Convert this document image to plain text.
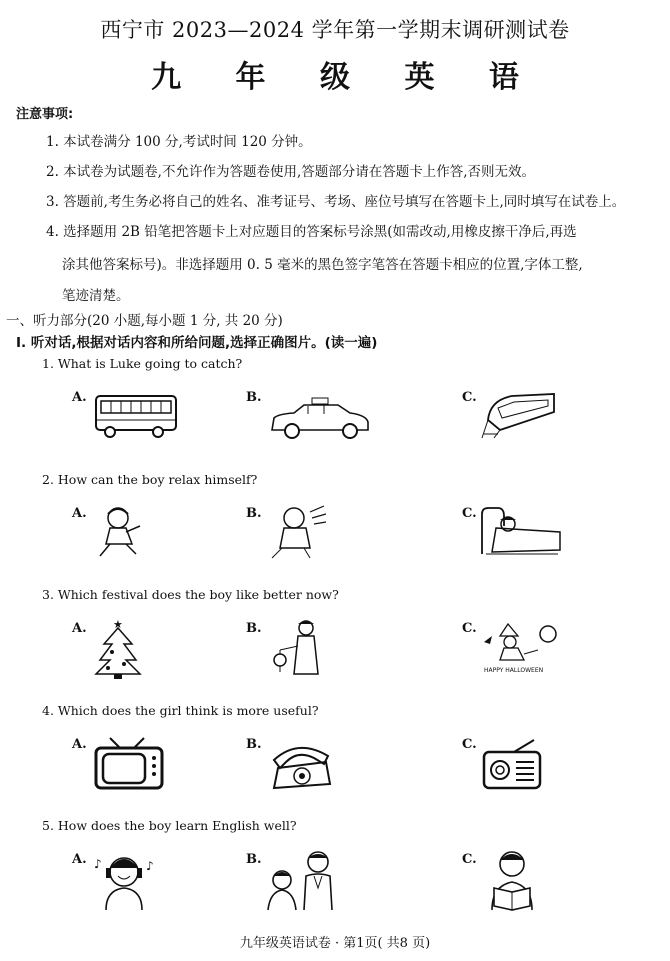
西宁市 2023—2024 学年第一学期末调研测试卷
九 年 级 英 语
注意事项:
1. 本试卷满分 100 分,考试时间 120 分钟。
2. 本试卷为试题卷,不允许作为答题卷使用,答题部分请在答题卡上作答,否则无效。
3. 答题前,考生务必将自己的姓名、准考证号、考场、座位号填写在答题卡上,同时填写在试卷上。
4. 选择题用 2B 铅笔把答题卡上对应题目的答案标号涂黑(如需改动,用橡皮擦干净后,再选
涂其他答案标号)。非选择题用 0. 5 毫米的黑色签字笔答在答题卡相应的位置,字体工整,
笔迹清楚。
一、听力部分(20 小题,每小题 1 分, 共 20 分)
Ⅰ. 听对话,根据对话内容和所给问题,选择正确图片。(读一遍)
1. What is Luke going to catch?
A.	B.	C.
2. How can the boy relax himself?
A.	B.	C.
3. Which festival does the boy like better now?
A.	B.	C.
★
HAPPY HALLOWEEN
4. Which does the girl think is more useful?
A.	B.	C.
5. How does the boy learn English well?
A.	B.	C.
♪	♪
九年级英语试卷 · 第1页( 共8 页)
